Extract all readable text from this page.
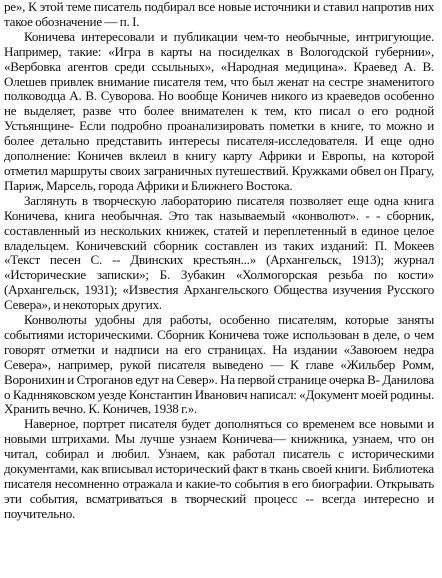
ре», К этой теме писатель подбирал все новые источники и ставил напротив них такое обозначение — п. I.

Коничева интересовали и публикации чем-то необычные, интригующие. Например, такие: «Игра в карты на посиделках в Вологодской губернии», «Вербовка агентов среди ссыльных», «Народная медицина». Краевед А. В. Олешев привлек внимание писателя тем, что был женат на сестре знаменитого полководца А. В. Суворова. Но вообще Коничев никого из краеведов особенно не выделяет, разве что более внимателен к тем, кто писал о его родной Устьянщине- Если подробно проанализировать пометки в книге, то можно и более детально представить интересы писателя-исследователя. И еще одно дополнение: Коничев вклеил в книгу карту Африки и Европы, на которой отметил маршруты своих заграничных путешествий. Кружками обвел он Прагу, Париж, Марсель, города Африки и Ближнего Востока.

Заглянуть в творческую лабораторию писателя позволяет еще одна книга Коничева, книга необычная. Это так называемый «конволют». - - сборник, составленный из нескольких книжек, статей и переплетенный в единое целое владельцем. Коничевский сборник составлен из таких изданий: П. Мокеев «Текст песен С. -- Двинских крестьян...» (Архангельск, 1913); журнал «Исторические записки»; Б. Зубакин «Холмогорская резьба по кости» (Архангельск, 1931); «Известия Архангельского Общества изучения Русского Севера», и некоторых других.

Конволюты удобны для работы, особенно писателям, которые заняты событиями историческими. Сборник Коничева тоже использован в деле, о чем говорят отметки и надписи на его страницах. На издании «Завоюем недра Севера», например, рукой писателя выведено — К главе «Жильбер Ромм, Воронихин и Строганов едут на Север». На первой странице очерка В- Данилова о Каднняковском уезде Константин Иванович написал: «Документ моей родины. Хранить вечно. К. Коничев, 1938 г.».

Наверное, портрет писателя будет дополняться со временем все новыми и новыми штрихами. Мы лучше узнаем Коничева— книжника, узнаем, что он читал, собирал и любил. Узнаем, как работал писатель с историческими документами, как вписывал исторический факт в ткань своей книги. Библиотека писателя несомненно отражала и какие-то события в его биографии. Открывать эти события, всматриваться в творческий процесс -- всегда интересно и поучительно.
